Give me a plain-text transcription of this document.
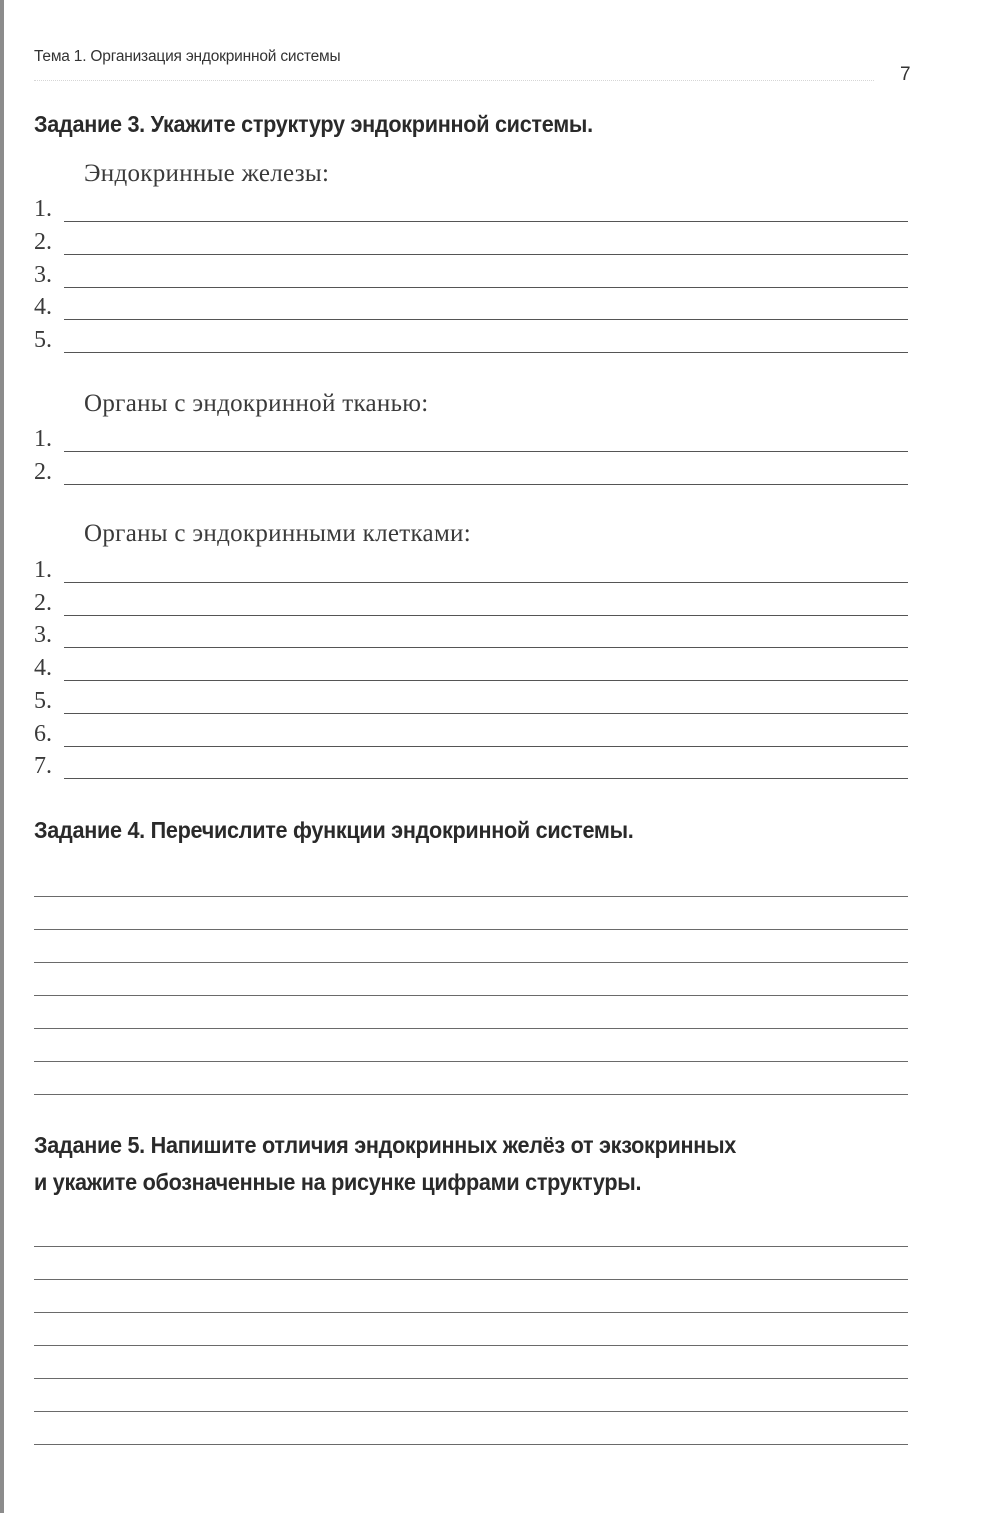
Тема 1. Организация эндокринной системы
7
Задание 3. Укажите структуру эндокринной системы.
Эндокринные железы:
1.
2.
3.
4.
5.
Органы с эндокринной тканью:
1.
2.
Органы с эндокринными клетками:
1.
2.
3.
4.
5.
6.
7.
Задание 4. Перечислите функции эндокринной системы.
Задание 5. Напишите отличия эндокринных желёз от экзокринных
и укажите обозначенные на рисунке цифрами структуры.
